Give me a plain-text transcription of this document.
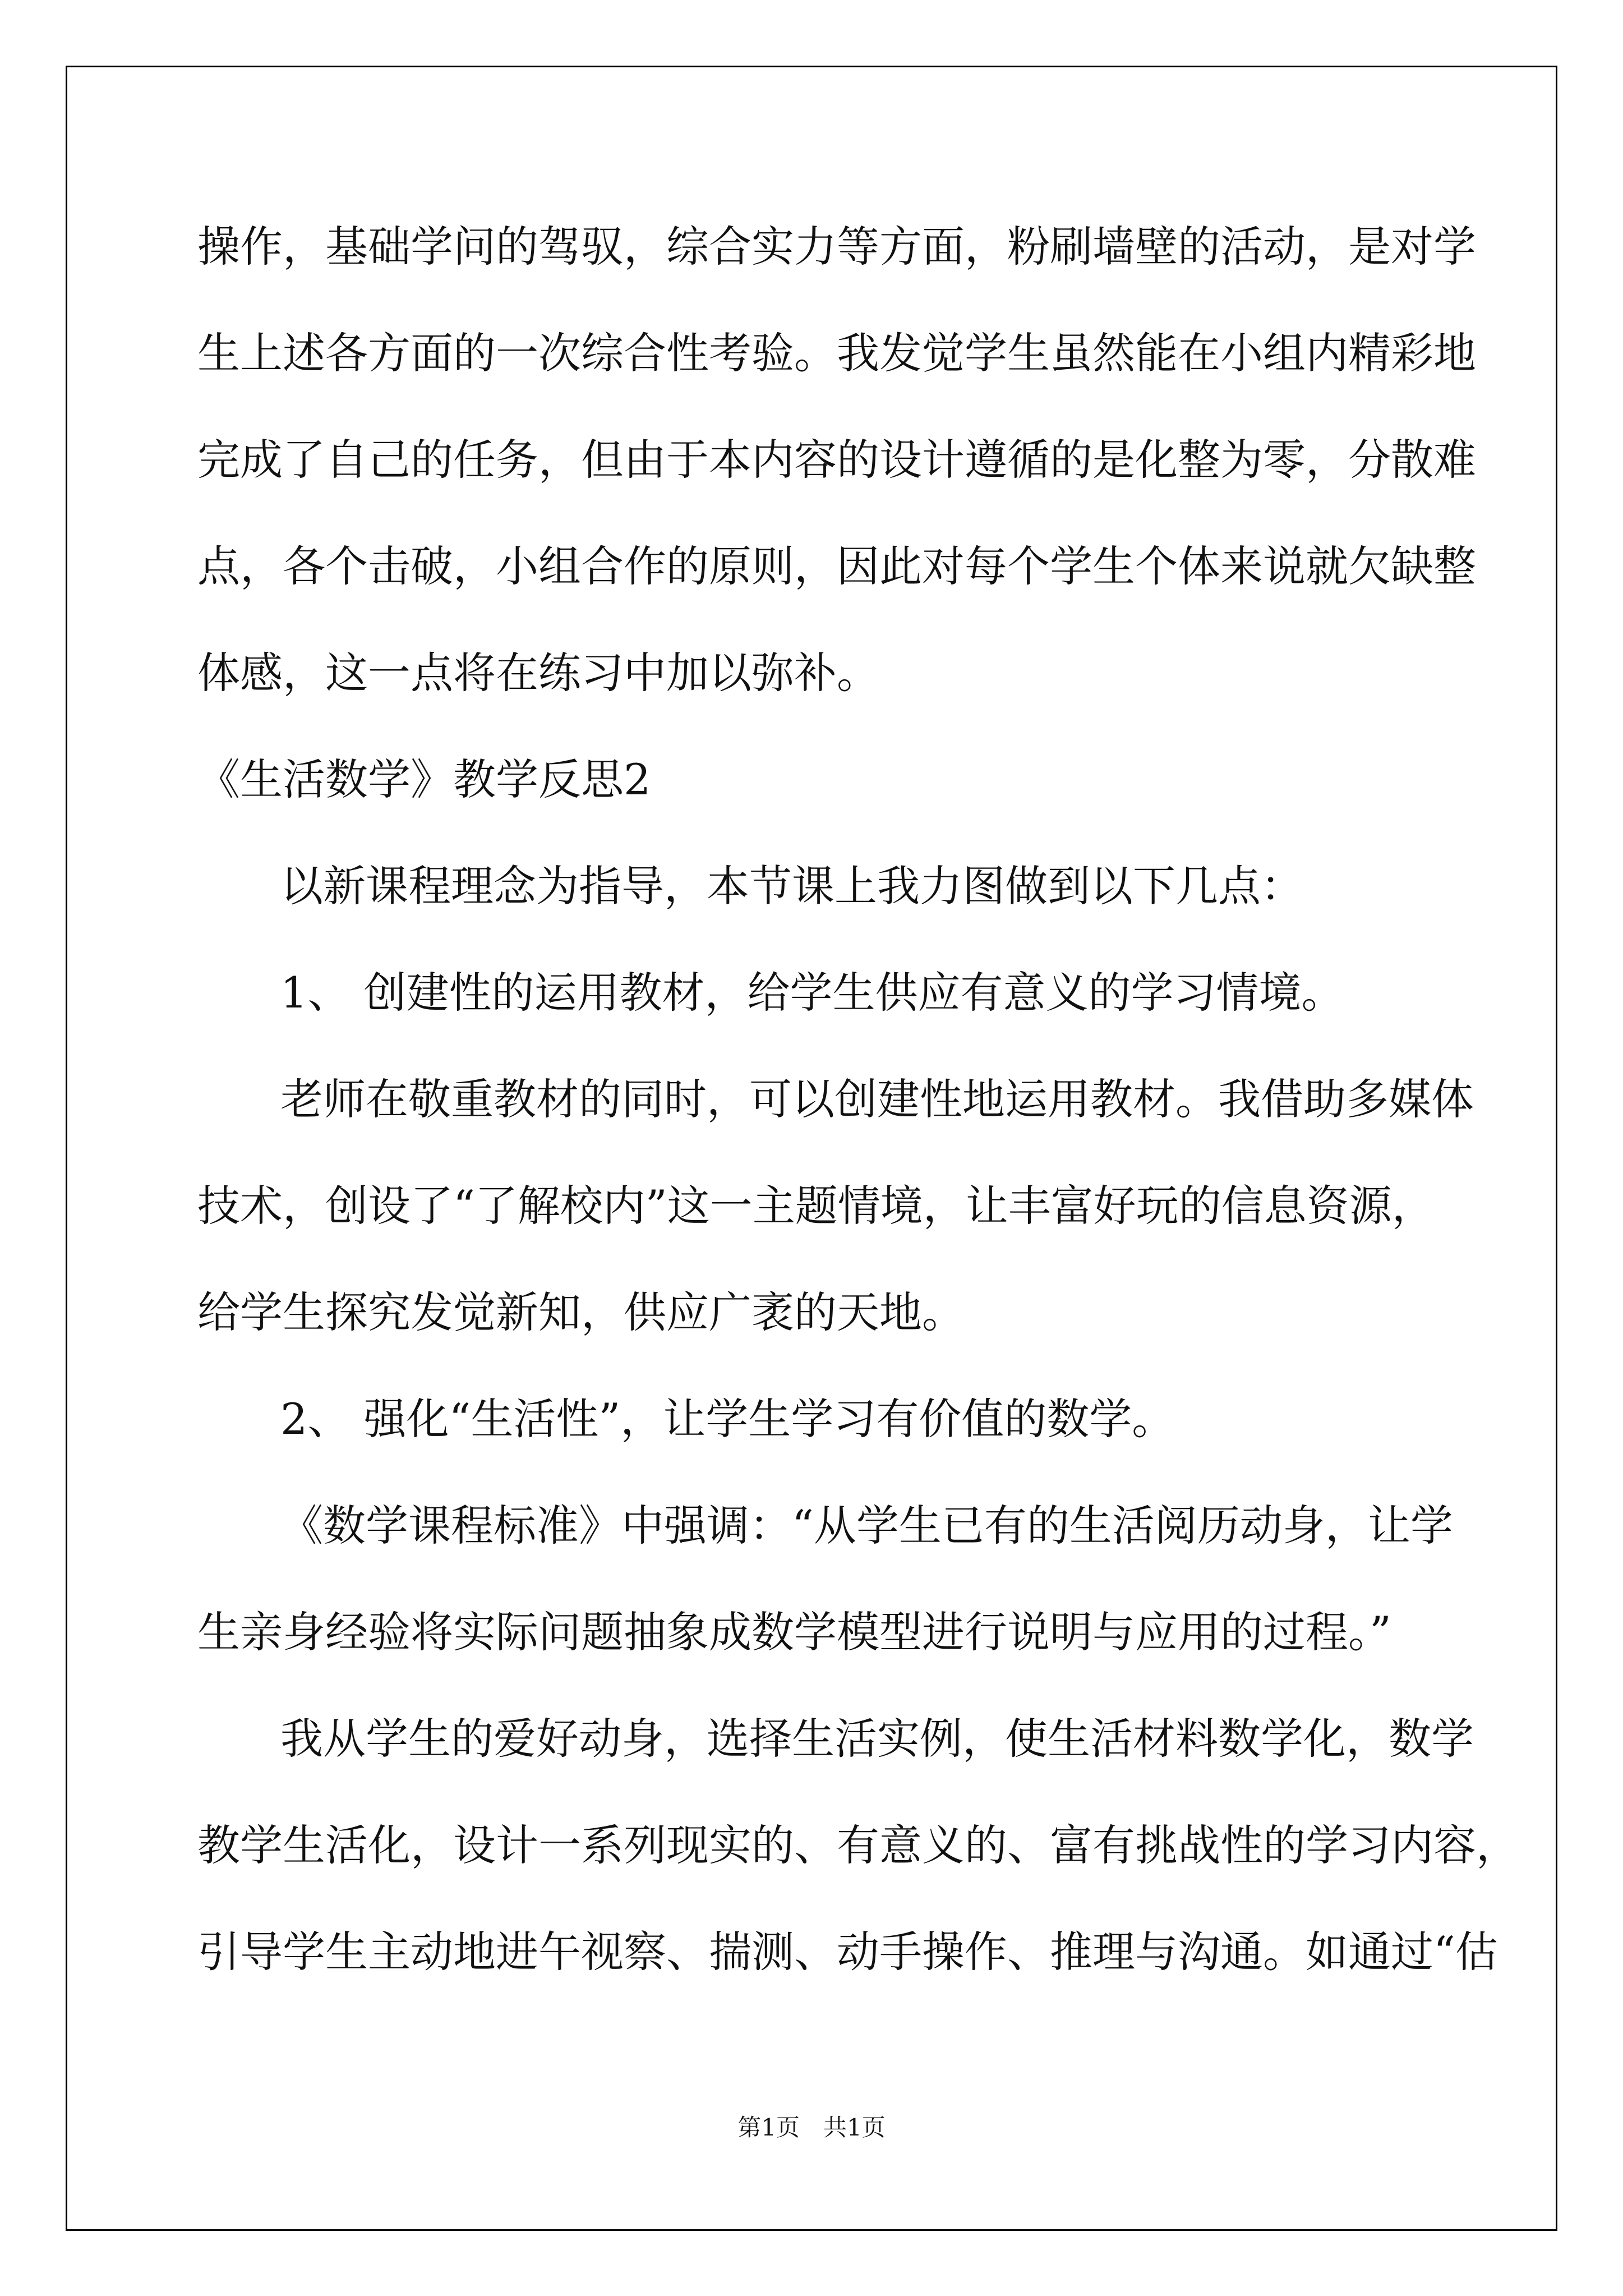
操作，基础学问的驾驭，综合实力等方面，粉刷墙壁的活动，是对学

生上述各方面的一次综合性考验。我发觉学生虽然能在小组内精彩地

完成了自己的任务，但由于本内容的设计遵循的是化整为零，分散难

点，各个击破，小组合作的原则，因此对每个学生个体来说就欠缺整

体感，这一点将在练习中加以弥补。

《生活数学》教学反思2

以新课程理念为指导，本节课上我力图做到以下几点：

1、 创建性的运用教材，给学生供应有意义的学习情境。

老师在敬重教材的同时，可以创建性地运用教材。我借助多媒体

技术，创设了“了解校内”这一主题情境，让丰富好玩的信息资源，

给学生探究发觉新知，供应广袤的天地。

2、 强化“生活性”，让学生学习有价值的数学。

《数学课程标准》中强调：“从学生已有的生活阅历动身，让学

生亲身经验将实际问题抽象成数学模型进行说明与应用的过程。”

我从学生的爱好动身，选择生活实例，使生活材料数学化，数学

教学生活化，设计一系列现实的、有意义的、富有挑战性的学习内容，

引导学生主动地进午视察、揣测、动手操作、推理与沟通。如通过“估

第1页　共1页
